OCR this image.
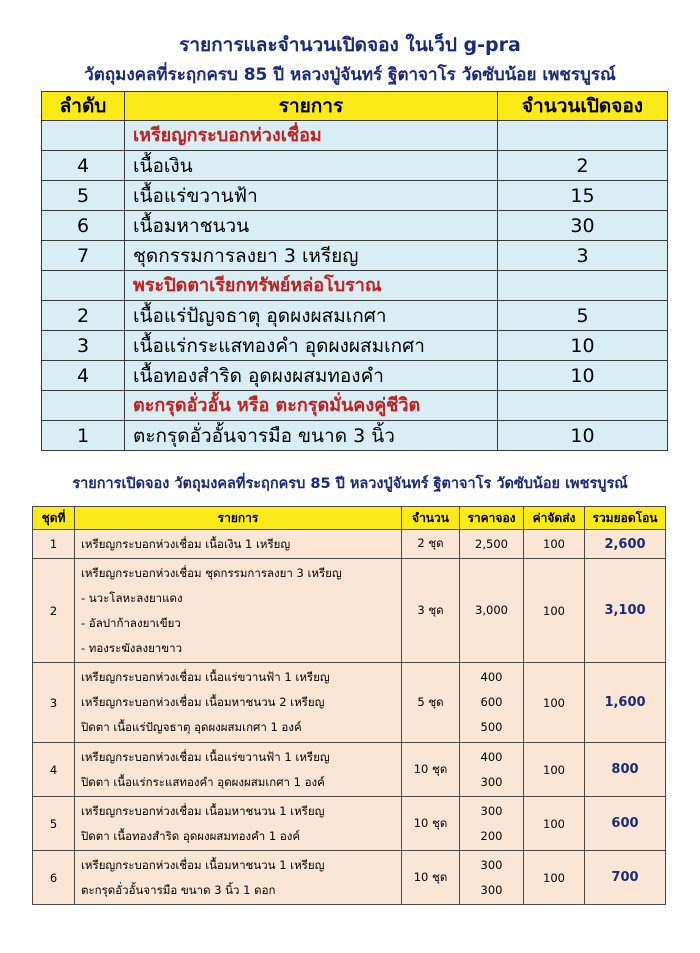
รายการและจำนวนเปิดจอง ในเว็ป g-pra
วัตถุมงคลที่ระฤกครบ 85 ปี หลวงปู่จันทร์ ฐิตาจาโร วัดซับน้อย เพชรบูรณ์
ลำดับ	รายการ	จำนวนเปิดจอง
	เหรียญกระบอกห่วงเชื่อม	
4	เนื้อเงิน	2
5	เนื้อแร่ขวานฟ้า	15
6	เนื้อมหาชนวน	30
7	ชุดกรรมการลงยา 3 เหรียญ	3
	พระปิดตาเรียกทรัพย์หล่อโบราณ	
2	เนื้อแร่ปัญจธาตุ อุดผงผสมเกศา	5
3	เนื้อแร่กระแสทองคำ อุดผงผสมเกศา	10
4	เนื้อทองสำริด อุดผงผสมทองคำ	10
	ตะกรุดอั่วอั้น หรือ ตะกรุดมั่นคงคู่ชีวิต	
1	ตะกรุดอั่วอั้นจารมือ ขนาด 3 นิ้ว	10
รายการเปิดจอง วัตถุมงคลที่ระฤกครบ 85 ปี หลวงปู่จันทร์ ฐิตาจาโร วัดซับน้อย เพชรบูรณ์
ชุดที่	รายการ	จำนวน	ราคาจอง	ค่าจัดส่ง	รวมยอดโอน
1	เหรียญกระบอกห่วงเชื่อม เนื้อเงิน 1 เหรียญ	2 ชุด	2,500	100	2,600
2	เหรียญกระบอกห่วงเชื่อม ชุดกรรมการลงยา 3 เหรียญ
- นวะโลหะลงยาแดง
- อัลปาก้าลงยาเขียว
- ทองระฆังลงยาขาว	3 ชุด	3,000	100	3,100
3	เหรียญกระบอกห่วงเชื่อม เนื้อแร่ขวานฟ้า 1 เหรียญ
เหรียญกระบอกห่วงเชื่อม เนื้อมหาชนวน 2 เหรียญ
ปิดตา เนื้อแร่ปัญจธาตุ อุดผงผสมเกศา 1 องค์	5 ชุด	400
600
500	100	1,600
4	เหรียญกระบอกห่วงเชื่อม เนื้อแร่ขวานฟ้า 1 เหรียญ
ปิดตา เนื้อแร่กระแสทองคำ อุดผงผสมเกศา 1 องค์	10 ชุด	400
300	100	800
5	เหรียญกระบอกห่วงเชื่อม เนื้อมหาชนวน 1 เหรียญ
ปิดตา เนื้อทองสำริด อุดผงผสมทองคำ 1 องค์	10 ชุด	300
200	100	600
6	เหรียญกระบอกห่วงเชื่อม เนื้อมหาชนวน 1 เหรียญ
ตะกรุดอั่วอั้นจารมือ ขนาด 3 นิ้ว 1 ดอก	10 ชุด	300
300	100	700
